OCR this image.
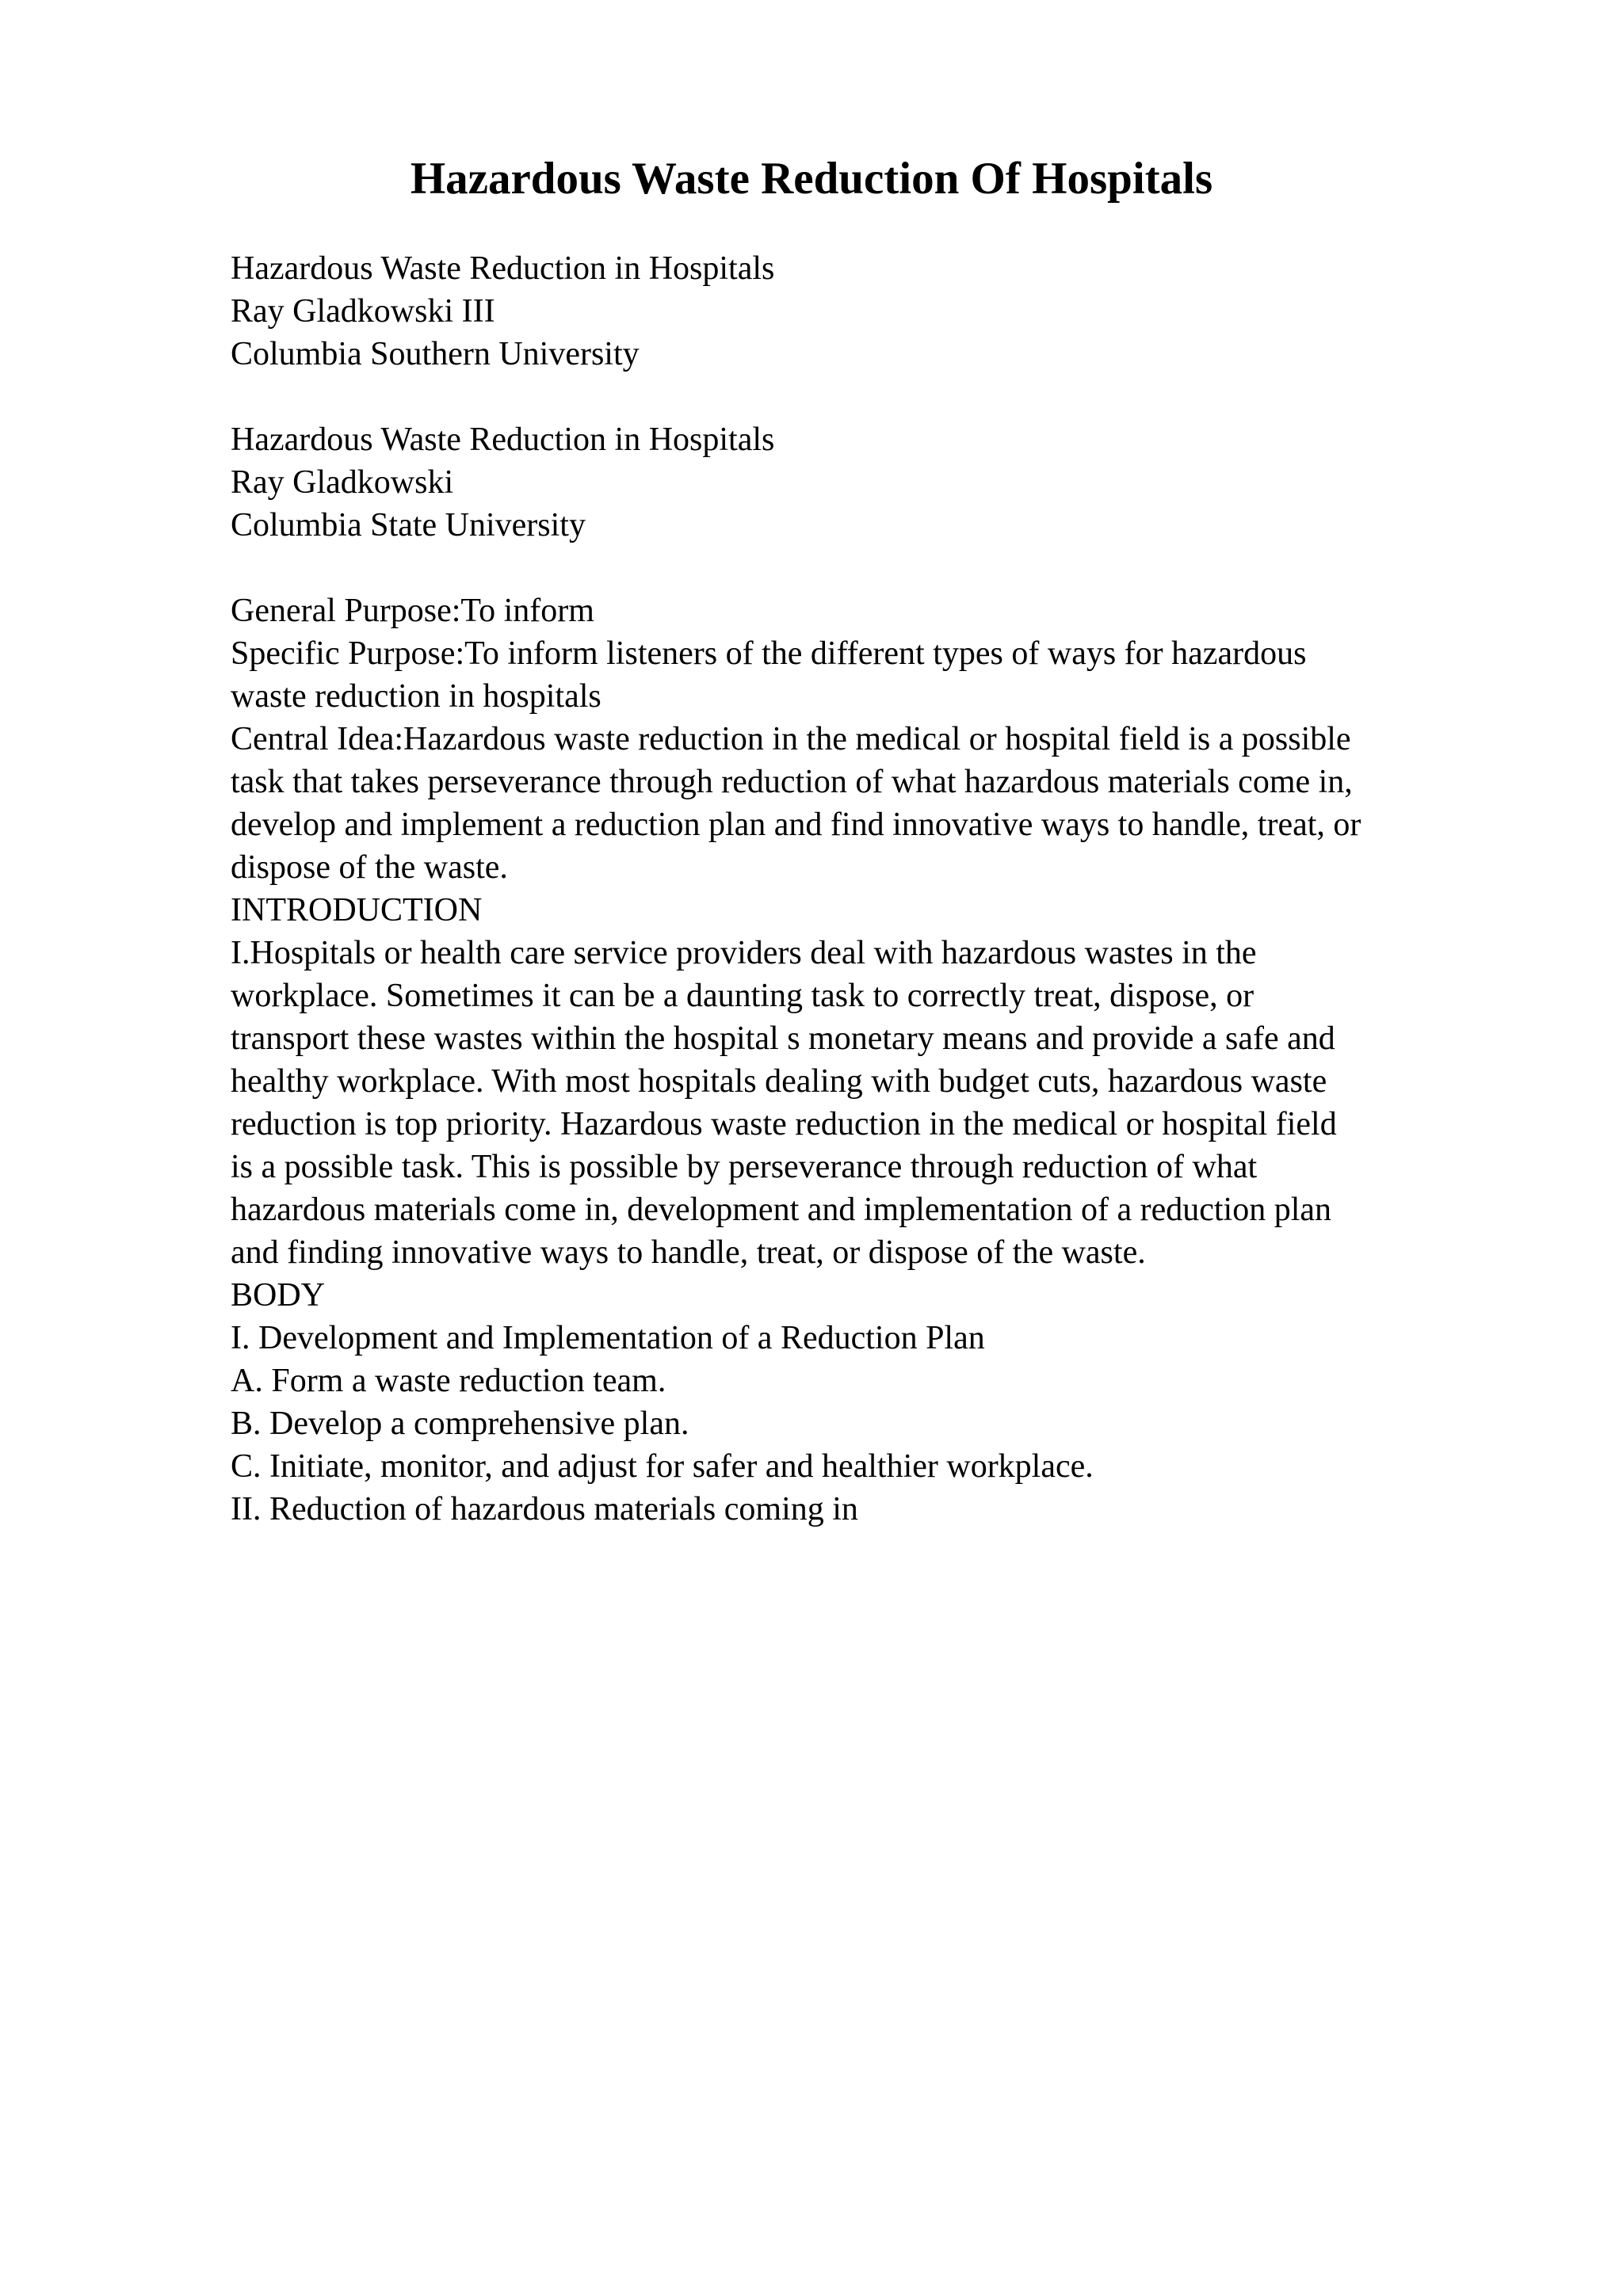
Hazardous Waste Reduction Of Hospitals
Hazardous Waste Reduction in Hospitals
Ray Gladkowski III
Columbia Southern University
Hazardous Waste Reduction in Hospitals
Ray Gladkowski
Columbia State University
General Purpose:To inform
Specific Purpose:To inform listeners of the different types of ways for hazardous
waste reduction in hospitals
Central Idea:Hazardous waste reduction in the medical or hospital field is a possible
task that takes perseverance through reduction of what hazardous materials come in,
develop and implement a reduction plan and find innovative ways to handle, treat, or
dispose of the waste.
INTRODUCTION
I.Hospitals or health care service providers deal with hazardous wastes in the
workplace. Sometimes it can be a daunting task to correctly treat, dispose, or
transport these wastes within the hospital s monetary means and provide a safe and
healthy workplace. With most hospitals dealing with budget cuts, hazardous waste
reduction is top priority. Hazardous waste reduction in the medical or hospital field
is a possible task. This is possible by perseverance through reduction of what
hazardous materials come in, development and implementation of a reduction plan
and finding innovative ways to handle, treat, or dispose of the waste.
BODY
I. Development and Implementation of a Reduction Plan
A. Form a waste reduction team.
B. Develop a comprehensive plan.
C. Initiate, monitor, and adjust for safer and healthier workplace.
II. Reduction of hazardous materials coming in
